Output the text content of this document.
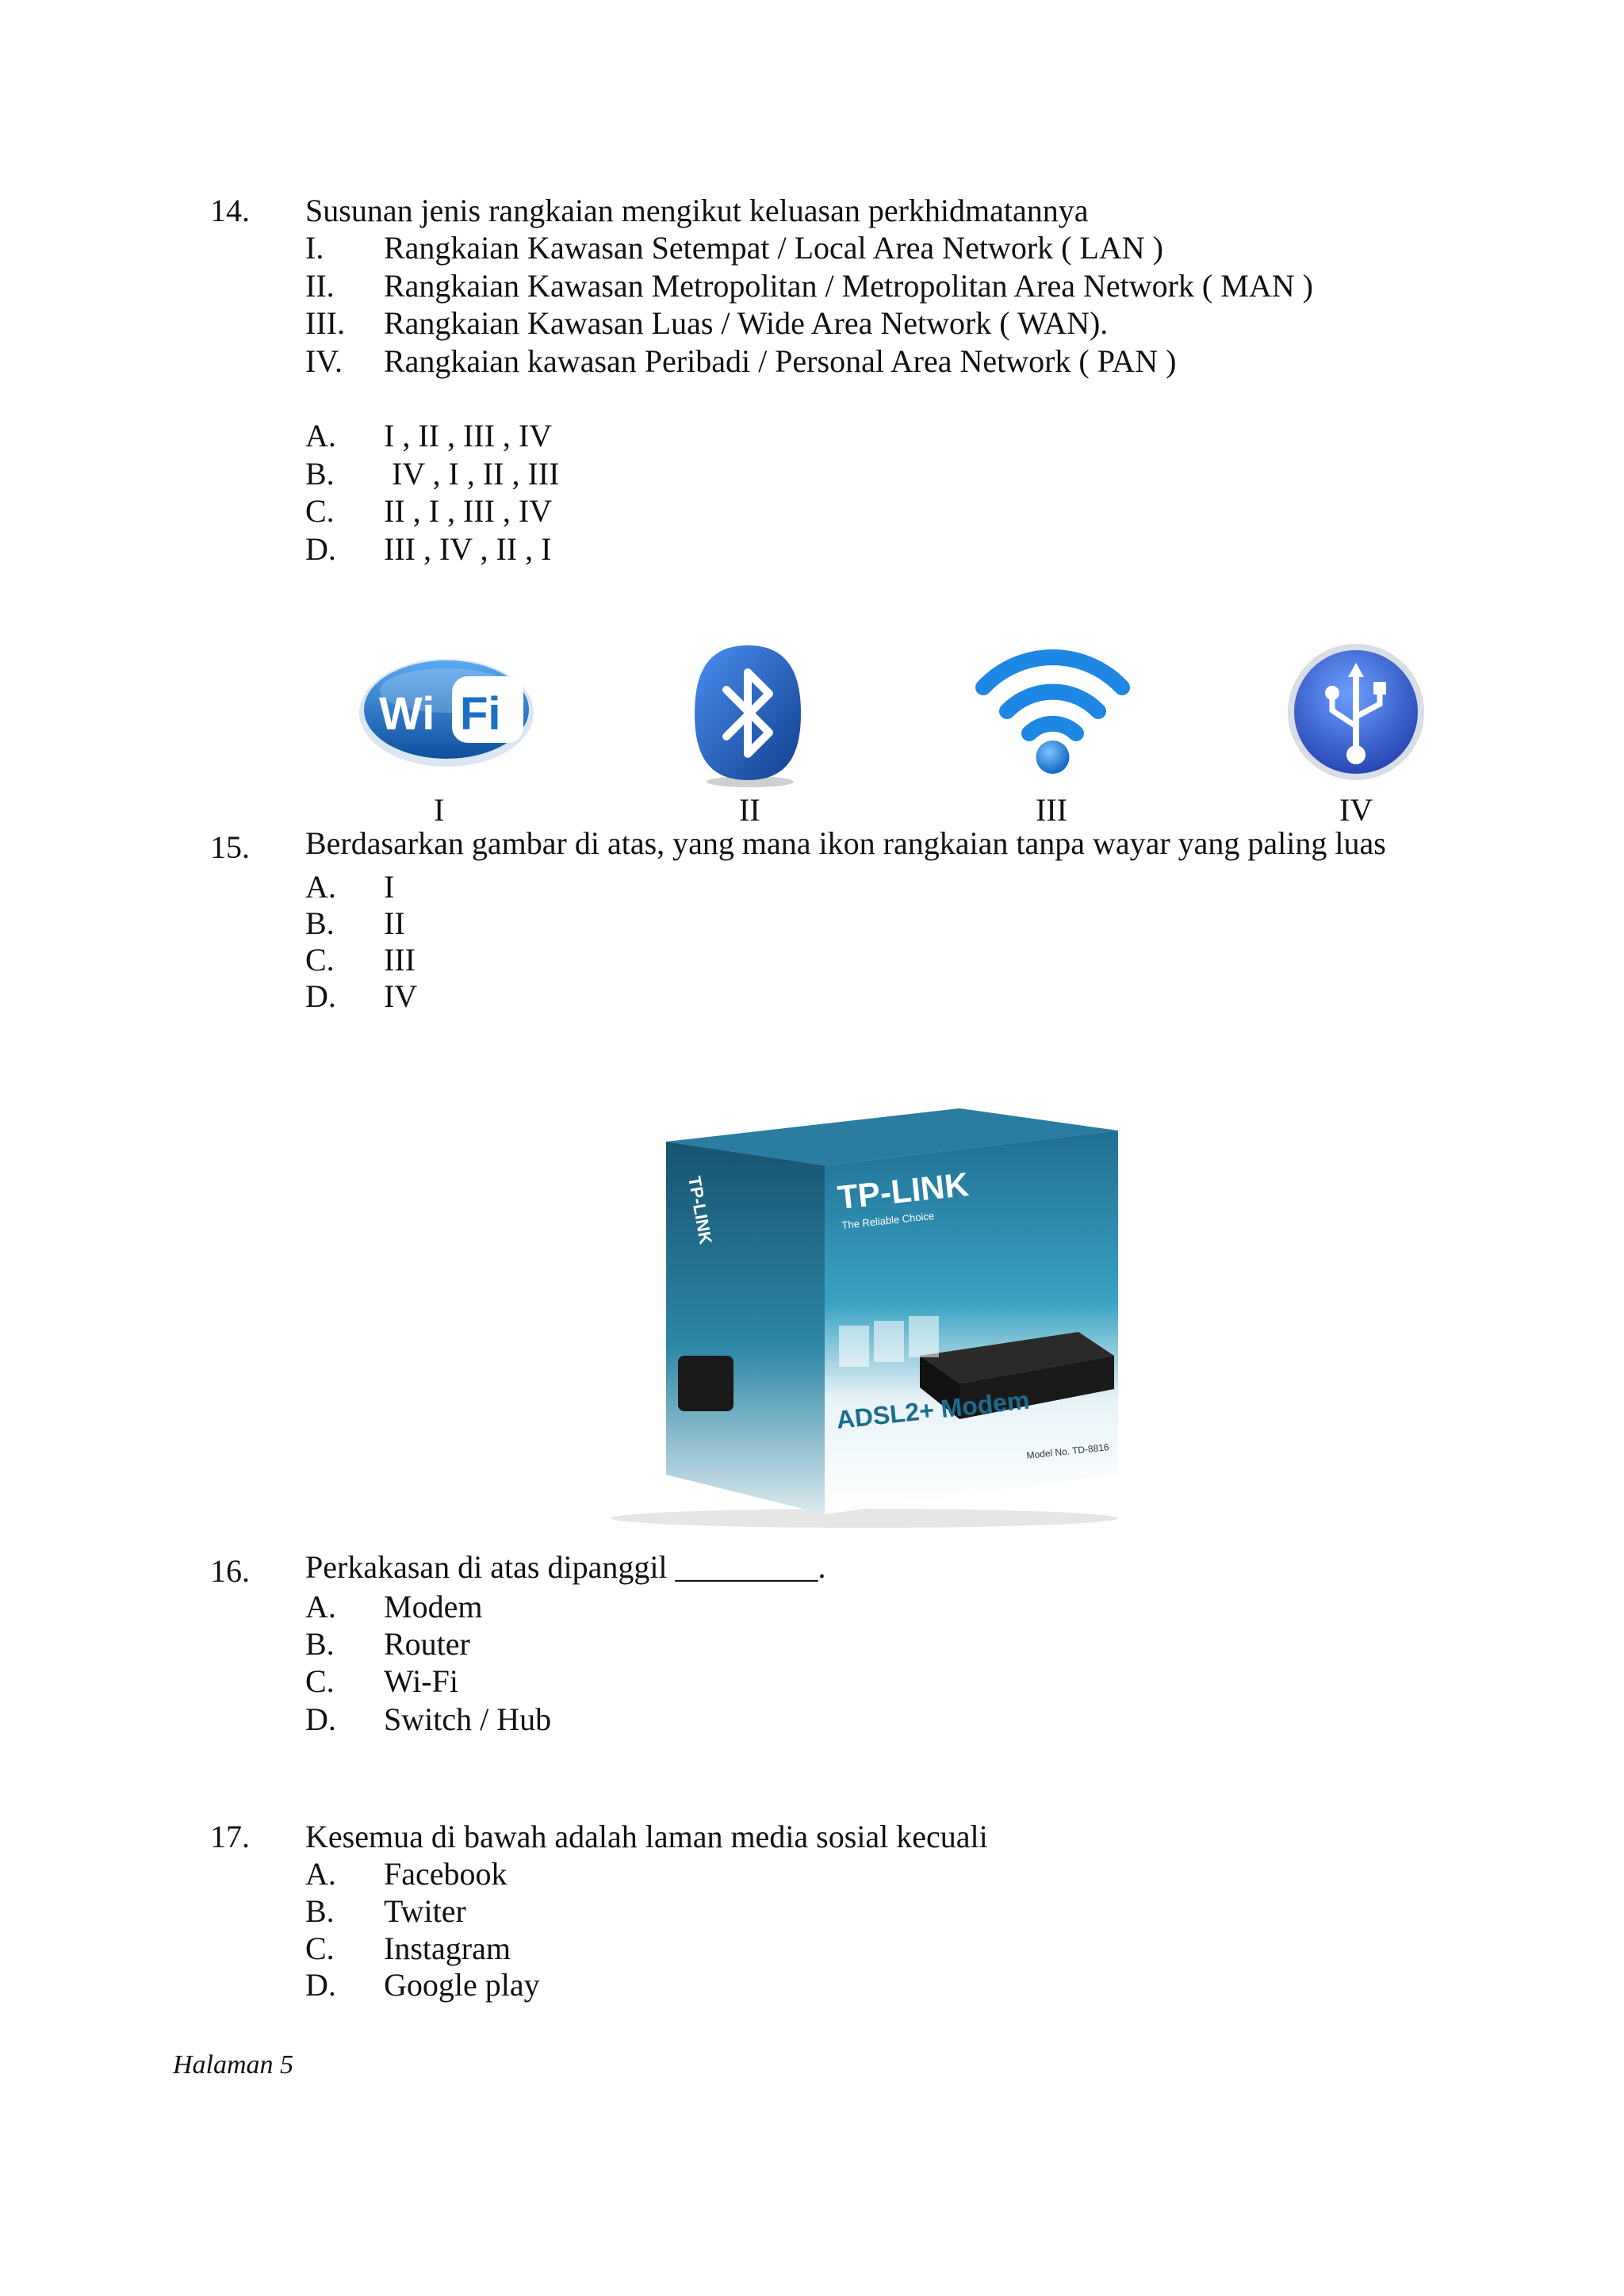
14. Susunan jenis rangkaian mengikut keluasan perkhidmatannya
I. Rangkaian Kawasan Setempat / Local Area Network ( LAN )
II. Rangkaian Kawasan Metropolitan / Metropolitan Area Network ( MAN )
III. Rangkaian Kawasan Luas / Wide Area Network ( WAN).
IV. Rangkaian kawasan Peribadi / Personal Area Network ( PAN )
A. I , II , III , IV
B. IV , I , II , III
C. II , I , III , IV
D. III , IV , II , I
Wi Fi
I	II	III	IV
15. Berdasarkan gambar di atas, yang mana ikon rangkaian tanpa wayar yang paling luas
A. I
B. II
C. III
D. IV
TP-LINK
The Reliable Choice
ADSL2+ Modem
Model No. TD-8816
TP-LINK
16. Perkakasan di atas dipanggil _________.
A. Modem
B. Router
C. Wi-Fi
D. Switch / Hub
17. Kesemua di bawah adalah laman media sosial kecuali
A. Facebook
B. Twiter
C. Instagram
D. Google play
Halaman 5
